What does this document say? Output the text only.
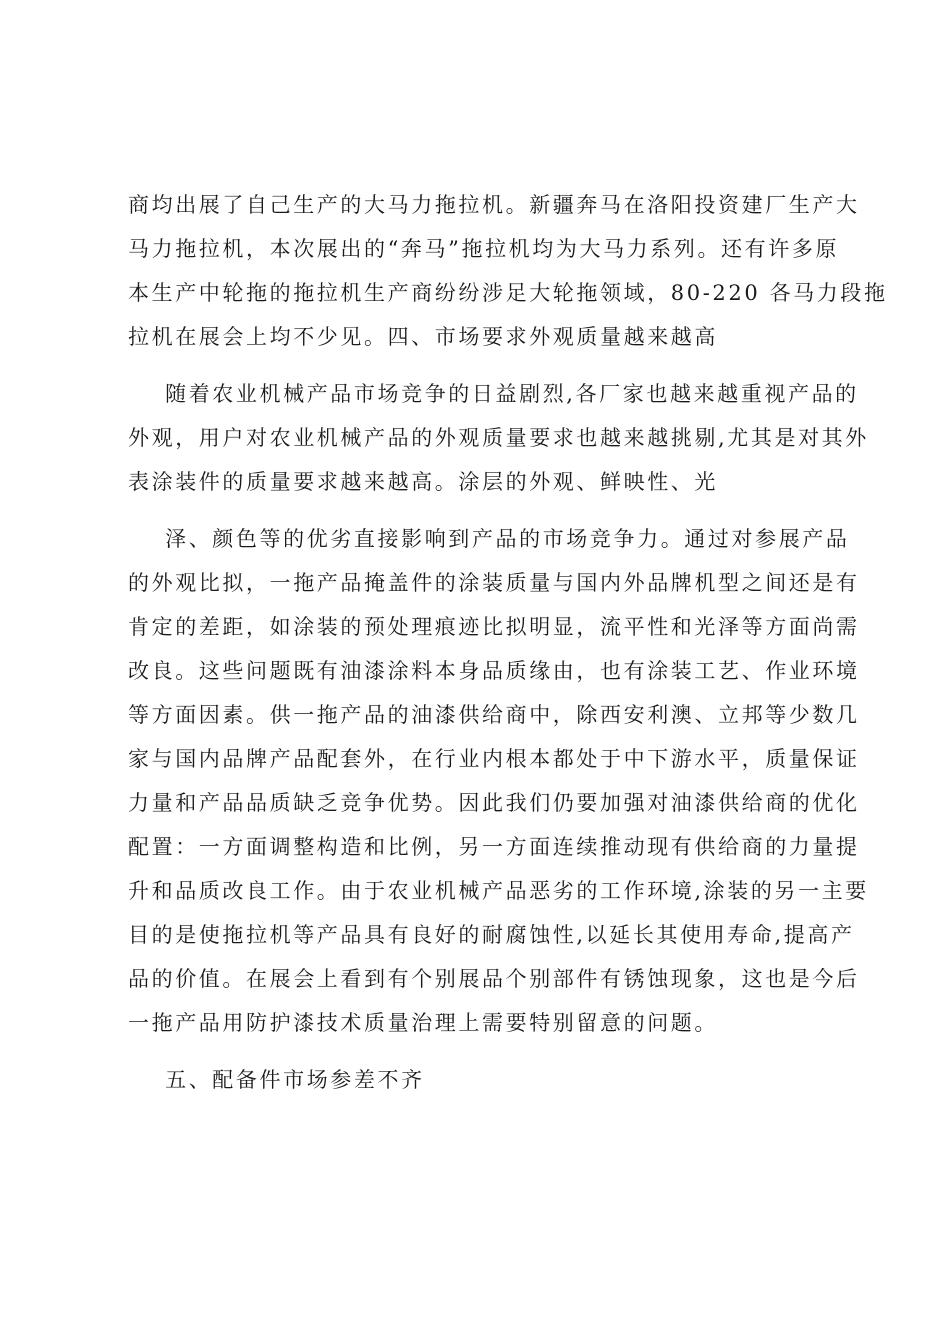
商均出展了自己生产的大马力拖拉机。新疆奔马在洛阳投资建厂生产大
马力拖拉机，本次展出的“奔马”拖拉机均为大马力系列。还有许多原
本生产中轮拖的拖拉机生产商纷纷涉足大轮拖领域，80-220 各马力段拖
拉机在展会上均不少见。四、市场要求外观质量越来越高
随着农业机械产品市场竞争的日益剧烈,各厂家也越来越重视产品的
外观，用户对农业机械产品的外观质量要求也越来越挑剔,尤其是对其外
表涂装件的质量要求越来越高。涂层的外观、鲜映性、光
泽、颜色等的优劣直接影响到产品的市场竞争力。通过对参展产品
的外观比拟，一拖产品掩盖件的涂装质量与国内外品牌机型之间还是有
肯定的差距，如涂装的预处理痕迹比拟明显，流平性和光泽等方面尚需
改良。这些问题既有油漆涂料本身品质缘由，也有涂装工艺、作业环境
等方面因素。供一拖产品的油漆供给商中，除西安利澳、立邦等少数几
家与国内品牌产品配套外，在行业内根本都处于中下游水平，质量保证
力量和产品品质缺乏竞争优势。因此我们仍要加强对油漆供给商的优化
配置：一方面调整构造和比例，另一方面连续推动现有供给商的力量提
升和品质改良工作。由于农业机械产品恶劣的工作环境,涂装的另一主要
目的是使拖拉机等产品具有良好的耐腐蚀性,以延长其使用寿命,提高产
品的价值。在展会上看到有个别展品个别部件有锈蚀现象，这也是今后
一拖产品用防护漆技术质量治理上需要特别留意的问题。
五、配备件市场参差不齐
